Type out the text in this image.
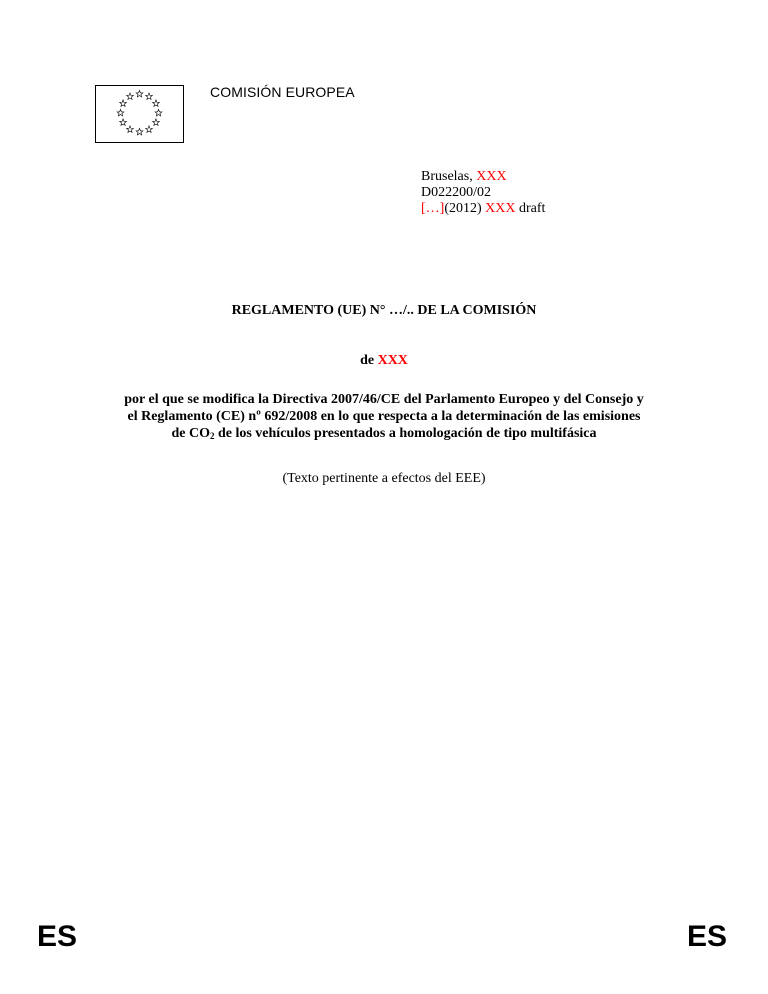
COMISIÓN EUROPEA
Bruselas, XXX
D022200/02
[…](2012) XXX draft
REGLAMENTO (UE) N° …/.. DE LA COMISIÓN
de XXX
por el que se modifica la Directiva 2007/46/CE del Parlamento Europeo y del Consejo y
el Reglamento (CE) nº 692/2008 en lo que respecta a la determinación de las emisiones
de $CO_2$ de los vehículos presentados a homologación de tipo multifásica
(Texto pertinente a efectos del EEE)
ES	ES
